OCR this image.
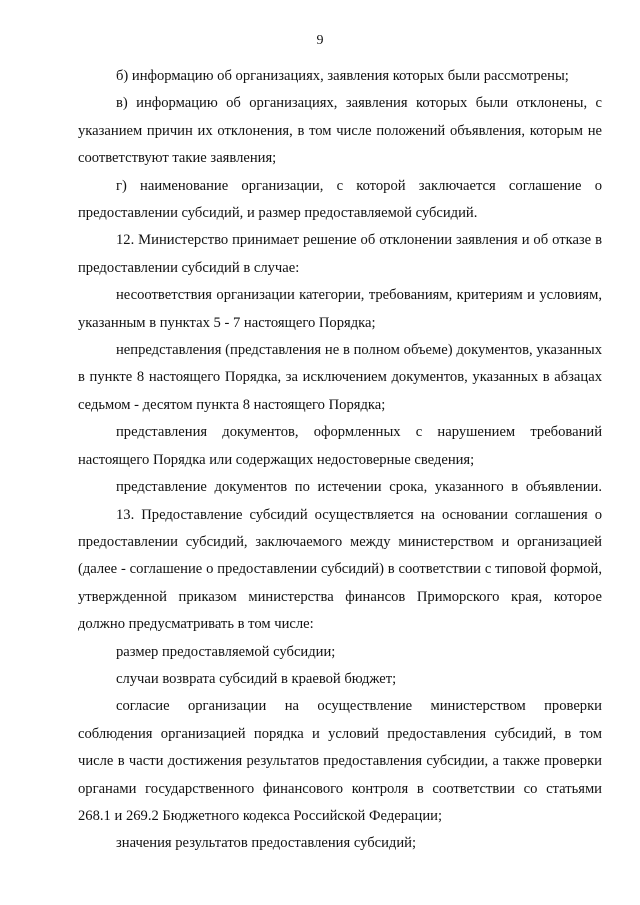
9

б) информацию об организациях, заявления которых были рассмотрены;

в) информацию об организациях, заявления которых были отклонены, с указанием причин их отклонения, в том числе положений объявления, которым не соответствуют такие заявления;

г) наименование организации, с которой заключается соглашение о предоставлении субсидий, и размер предоставляемой субсидий.

12. Министерство принимает решение об отклонении заявления и об отказе в предоставлении субсидий в случае:

несоответствия организации категории, требованиям, критериям и условиям, указанным в пунктах 5 - 7 настоящего Порядка;

непредставления (представления не в полном объеме) документов, указанных в пункте 8 настоящего Порядка, за исключением документов, указанных в абзацах седьмом - десятом пункта 8 настоящего Порядка;

представления документов, оформленных с нарушением требований настоящего Порядка или содержащих недостоверные сведения;

представление документов по истечении срока, указанного в объявлении.

13. Предоставление субсидий осуществляется на основании соглашения о предоставлении субсидий, заключаемого между министерством и организацией (далее - соглашение о предоставлении субсидий) в соответствии с типовой формой, утвержденной приказом министерства финансов Приморского края, которое должно предусматривать в том числе:

размер предоставляемой субсидии;

случаи возврата субсидий в краевой бюджет;

согласие организации на осуществление министерством проверки соблюдения организацией порядка и условий предоставления субсидий, в том числе в части достижения результатов предоставления субсидии, а также проверки органами государственного финансового контроля в соответствии со статьями 268.1 и 269.2 Бюджетного кодекса Российской Федерации;

значения результатов предоставления субсидий;
